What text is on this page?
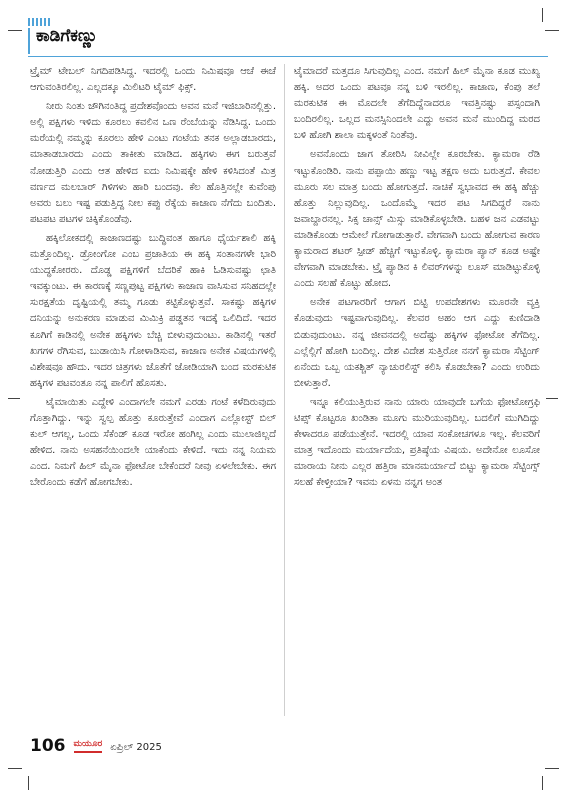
ಕಾಡಿಗೆಕಣ್ಣು

ಟ್ರೈಮ್ ಟೇಬಲ್ ನಿಗದಿಪಡಿಸಿದ್ದ. ಇದರಲ್ಲಿ ಒಂದು ನಿಮಿಷವೂ ಆಚೆ ಈಚೆ ಆಗುವಂತಿರಲಿಲ್ಲ. ಎಲ್ಲದಕ್ಕೂ ಮಿಲಿಟರಿ ಟೈಮ್ ಫಿಕ್ಸ್.

ನೀರು ನಿಂತು ಜೌಗಿನಂತಿದ್ದ ಪ್ರದೇಶವೊಂದು ಅವನ ಮನೆ ಇಜಿಬಾರಿನಲ್ಲಿತ್ತು. ಅಲ್ಲಿ ಪಕ್ಷಿಗಳು ಇಳಿದು ಕೂರಲು ಕವಲಿನ ಒಣ ರೆಂಬೆಯನ್ನು ನೆಡಿಸಿದ್ದ. ಒಂದು ಮರೆಯಲ್ಲಿ ನಮ್ಮನ್ನು ಕೂರಲು ಹೇಳಿ ಎಂಟು ಗಂಟೆಯ ತನಕ ಅಲ್ಲಾಡಬಾರದು, ಮಾತಾಡಬಾರದು ಎಂದು ತಾಕೀತು ಮಾಡಿದ. ಹಕ್ಕಿಗಳು ಈಗ ಬರುತ್ತವೆ ನೋಡುತ್ತಿರಿ ಎಂದು ಆತ ಹೇಳಿದ ಐದು ನಿಮಿಷಕ್ಕೇ ಹೇಳಿ ಕಳಿಸಿದಂತೆ ಮಿತ್ರ ವರ್ಣದ ಮಲಬಾರ್ ಗಿಳಿಗಳು ಹಾರಿ ಬಂದವು. ಕೆಲ ಹೊತ್ತಿನಲ್ಲೇ ಕುವೆಂಪು ಅವರು ಬಲು ಇಷ್ಟ ಪಡುತ್ತಿದ್ದ ನೀಲ ಕಪ್ಪು ರೆಕ್ಕೆಯ ಕಾಜಾಣ ನೆಗೆದು ಬಂದಿತು. ಪಟಪಟ ಪಟಗಳ ಚಿಕ್ಕಿಕೊಂಡೆವು.

ಹಕ್ಕಿಲೋಕದಲ್ಲಿ ಕಾಜಾಣದಷ್ಟು ಬುದ್ಧಿವಂತ ಹಾಗೂ ಧೈರ್ಯಶಾಲಿ ಹಕ್ಕಿ ಮತ್ತೊಂದಿಲ್ಲ. ಡ್ರೋಂಗೋ ಎಂಬ ಪ್ರಜಾತಿಯ ಈ ಹಕ್ಕಿ ಸಂತಾನಗಳೇ ಭಾರಿ ಯುದ್ಧಕೋರರು. ದೊಡ್ಡ ಪಕ್ಷಿಗಳಿಗೆ ಬೆದರಿಕೆ ಹಾಕಿ ಓಡಿಸುವಷ್ಟು ಛಾತಿ ಇವಕ್ಕುಂಟು. ಈ ಕಾರಣಕ್ಕೆ ಸಣ್ಣಪುಟ್ಟ ಪಕ್ಷಿಗಳು ಕಾಜಾಣ ವಾಸಿಸುವ ಸನಿಹದಲ್ಲೇ ಸುರಕ್ಷತೆಯ ದೃಷ್ಟಿಯಲ್ಲಿ ತಮ್ಮ ಗೂಡು ಕಟ್ಟಿಕೊಳ್ಳುತ್ತವೆ. ಸಾಕಷ್ಟು ಹಕ್ಕಿಗಳ ದನಿಯನ್ನು ಅನುಕರಣ ಮಾಡುವ ಮಿಮಿಕ್ರಿ ಪಡ್ಡತನ ಇದಕ್ಕೆ ಒಲಿದಿದೆ. ಇದರ ಕೂಗಿಗೆ ಕಾಡಿನಲ್ಲಿ ಅನೇಕ ಹಕ್ಕಿಗಳು ಬೆಚ್ಚಿ ಬೀಳುವುದುಂಟು. ಕಾಡಿನಲ್ಲಿ ಇತರೆ ಖಗಗಳ ರೆಗಿಸುವ, ಬುಡಾಯಿಸಿ ಗೋಳಾಡಿಸುವ, ಕಾಜಾಣ ಅನೇಕ ವಿಷಯಗಳಲ್ಲಿ ವಿಶೇಷವೂ ಹೌದು. ಇದರ ಚಿತ್ರಗಳು ಜೊತೆಗೆ ಜೋಡಿಯಾಗಿ ಬಂದ ಮರಕುಟಿಕ ಹಕ್ಕಿಗಳ ಪಟವಂತೂ ನನ್ನ ಪಾಲಿಗೆ ಹೊಸತು.

ಟೈಮಾಯಿತು ಎದ್ದೇಳಿ ಎಂದಾಗಲೇ ನಮಗೆ ಎರಡು ಗಂಟೆ ಕಳೆದಿರುವುದು ಗೊತ್ತಾಗಿದ್ದು. ಇನ್ನು ಸ್ವಲ್ಪ ಹೊತ್ತು ಕೂರುತ್ತೇವೆ ಎಂದಾಗ ಎಲ್ಲೋಸ್ಟ್ ಬಿಲ್ ಕುಲ್ ಆಗಲ್ಲ, ಒಂದು ಸೆಕೆಂಡ್ ಕೂಡ ಇರೋ ಹಂಗಿಲ್ಲ ಎಂದು ಮುಲಾಜಿಲ್ಲದೆ ಹೇಳಿದ. ನಾನು ಅಸಹನೆಯಿಂದಲೇ ಯಾಕೆಂದು ಕೇಳಿದೆ. ಇದು ನನ್ನ ನಿಯಮ ಎಂದ. ನಿಮಗೆ ಹಿಲ್ ಮೈನಾ ಫೋಟೋ ಬೇಕೆಂದರೆ ನೀವು ಏಳಲೇಬೇಕು. ಈಗ ಬೇರೊಂದು ಕಡೆಗೆ ಹೋಗಬೇಕು.

ಟೈಮಾದರೆ ಮತ್ತದೂ ಸಿಗುವುದಿಲ್ಲ ಎಂದ. ನಮಗೆ ಹಿಲ್ ಮೈನಾ ಕೂಡ ಮುಖ್ಯ ಹಕ್ಕಿ. ಅದರ ಒಂದು ಪಟವೂ ನನ್ನ ಬಳಿ ಇರಲಿಲ್ಲ. ಕಾಜಾಣ, ಕೆಂಪು ತಲೆ ಮರಕುಟಿಕ ಈ ಮೊದಲೇ ತೆಗೆದಿದ್ದೆನಾದರೂ ಇವತ್ತಿನಷ್ಟು ಪಸ್ಸಂದಾಗಿ ಬಂದಿರಲಿಲ್ಲ. ಒಲ್ಲದ ಮನಸ್ಸಿನಿಂದಲೇ ಎದ್ದು ಅವನ ಮನೆ ಮುಂದಿದ್ದ ಮರದ ಬಳಿ ಹೋಗಿ ಶಾಲಾ ಮಕ್ಕಳಂತೆ ನಿಂತೆವು.

ಅವನೊಂದು ಜಾಗ ತೋರಿಸಿ ನೀವಿಲ್ಲೇ ಕೂರಬೇಕು. ಕ್ಯಾಮರಾ ರೆಡಿ ಇಟ್ಟುಕೊಂಡಿರಿ. ನಾನು ಪಪ್ಪಾಯಿ ಹಣ್ಣು ಇಟ್ಟ ತಕ್ಷಣ ಅದು ಬರುತ್ತದೆ. ಕೇವಲ ಮೂರು ಸಲ ಮಾತ್ರ ಬಂದು ಹೋಗುತ್ತದೆ. ನಾಚಿಕೆ ಸ್ವಭಾವದ ಈ ಹಕ್ಕಿ ಹೆಚ್ಚು ಹೊತ್ತು ನಿಲ್ಲುವುದಿಲ್ಲ. ಒಂದೊಮ್ಮೆ ಇದರ ಪಟ ಸಿಗದಿದ್ದರೆ ನಾನು ಜವಾಬ್ದಾರನಲ್ಲ. ಸಿಕ್ಸ ಚಾನ್ಸ್ ಮಿಸ್ಸು ಮಾಡಿಕೊಳ್ಳಬೇಡಿ. ಬಹಳ ಜನ ಎಡವಟ್ಟು ಮಾಡಿಕೊಂಡು ಆಮೇಲೆ ಗೋಗಾಡುತ್ತಾರೆ. ವೇಗವಾಗಿ ಬಂದು ಹೋಗುವ ಕಾರಣ ಕ್ಯಾಮರಾದ ಶಟರ್ ಸ್ಪೀಡ್ ಹೆಚ್ಚಿಗೆ ಇಟ್ಟುಕೊಳ್ಳಿ. ಕ್ಯಾಮರಾ ಪ್ಯಾನ್ ಕೂಡ ಅಷ್ಟೇ ವೇಗವಾಗಿ ಮಾಡಬೇಕು. ಟ್ರೈ ಪ್ಯಾಡಿನ ಕಿ ಲಿವರ್‌ಗಳನ್ನು ಲೂಸ್ ಮಾಡಿಟ್ಟುಕೊಳ್ಳಿ ಎಂದು ಸಲಹೆ ಕೊಟ್ಟು ಹೋದ.

ಅನೇಕ ಪಟಗಾರರಿಗೆ ಆಗಾಗ ಬಿಟ್ಟಿ ಉಪದೇಶಗಳು ಮೂರನೇ ವ್ಯಕ್ತಿ ಕೊಡುವುದು ಇಷ್ಟವಾಗುವುದಿಲ್ಲ. ಕೆಲವರ ಅಹಂ ಆಗ ಎದ್ದು ಕುಣಿದಾಡಿ ಬಿಡುವುದುಂಟು. ನನ್ನ ಜೀವನದಲ್ಲಿ ಅದೆಷ್ಟು ಹಕ್ಕಿಗಳ ಫೋಟೋ ತೆಗೆದಿಲ್ಲ. ಎಲ್ಲೆಲ್ಲಿಗೆ ಹೋಗಿ ಬಂದಿಲ್ಲ. ದೇಶ ವಿದೇಶ ಸುತ್ತಿರೋ ನನಗೆ ಕ್ಯಾಮರಾ ಸೆಟ್ಟಿಂಗ್ ಏನೆಂದು ಒಬ್ಬ ಯಕಶ್ಚಿತ್ ನ್ಯಾಚುರಲಿಸ್ಟ್ ಕಲಿಸಿ ಕೊಡಬೇಕಾ? ಎಂದು ಉರಿದು ಬೀಳುತ್ತಾರೆ.

ಇನ್ನೂ ಕಲಿಯುತ್ತಿರುವ ನಾನು ಯಾರು ಯಾವುದೇ ಬಗೆಯ ಫೋಟೋಗ್ರಫಿ ಟಿಪ್ಸ್ ಕೊಟ್ಟರೂ ಖಂಡಿತಾ ಮೂಗು ಮುರಿಯುವುದಿಲ್ಲ. ಬದಲಿಗೆ ಮುಗಿದಿದ್ದು ಕೇಳಾದರೂ ಪಡೆಯುತ್ತೇನೆ. ಇದರಲ್ಲಿ ಯಾವ ಸಂಕೋಚಗಳೂ ಇಲ್ಲ. ಕೆಲವರಿಗೆ ಮಾತ್ರ ಇದೊಂದು ಮರ್ಯಾದೆಯ, ಪ್ರತಿಷ್ಠೆಯ ವಿಷಯ. ಅದೇನೋ ಲೂಸೋ ಮಾರಾಯ ನೀನು ಎಲ್ಲರ ಹತ್ತಿರಾ ಮಾನಮರ್ಯಾದೆ ಬಿಟ್ಟು ಕ್ಯಾಮರಾ ಸೆಟ್ಟಿಂಗ್ಸ್ ಸಲಹೆ ಕೇಳ್ತೀಯಾ? ಇವನು ಏಳನು ನನ್ನಗ ಅಂತ

106 ಮಯೂರ ಏಪ್ರಿಲ್ 2025
